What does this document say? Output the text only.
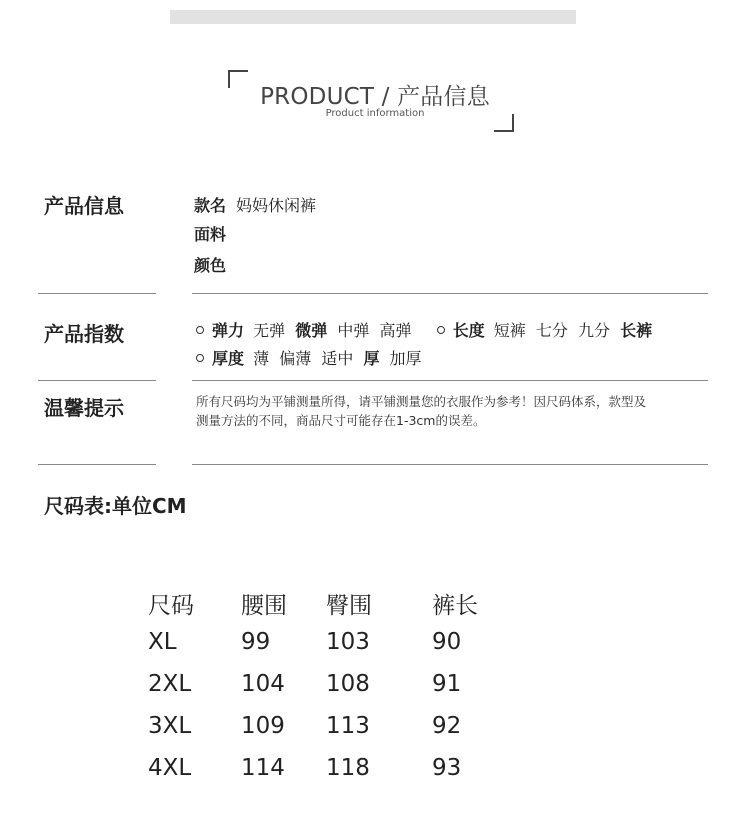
PRODUCT / 产品信息
Product information
产品信息	款名 妈妈休闲裤
面料
颜色
产品指数	弹力 无弹 微弹 中弹 高弹	长度 短裤 七分 九分 长裤
厚度 薄 偏薄 适中 厚 加厚
温馨提示	所有尺码均为平铺测量所得，请平铺测量您的衣服作为参考！因尺码体系，款型及测量方法的不同，商品尺寸可能存在1-3cm的误差。
尺码表:单位CM
尺码 腰围 臀围	裤长
XL	99 103	90
2XL 104 108	91
3XL 109 113	92
4XL 114 118	93
